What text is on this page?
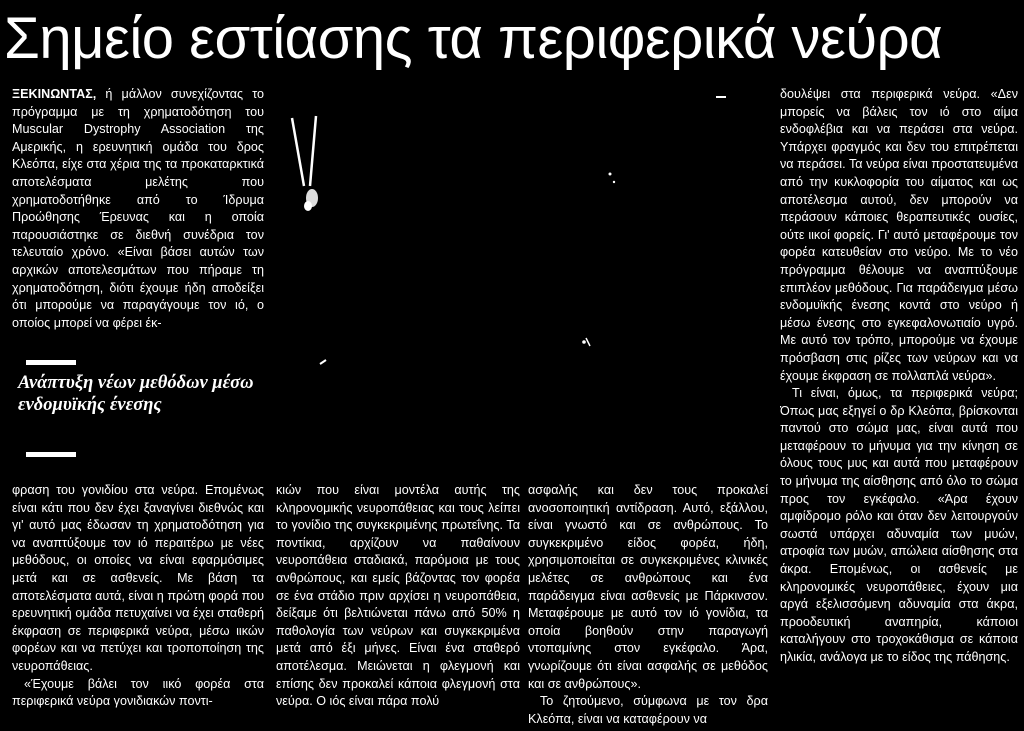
Σημείο εστίασης τα περιφερικά νεύρα

ΞΕΚΙΝΩΝΤΑΣ, ή μάλλον συνεχίζοντας το πρόγραμμα με τη χρηματοδότηση του Muscular Dystrophy Association της Αμερικής, η ερευνητική ομάδα του δρος Κλεόπα, είχε στα χέρια της τα προκαταρκτικά αποτελέσματα μελέτης που χρηματοδοτήθηκε από το Ίδρυμα Προώθησης Έρευνας και η οποία παρουσιάστηκε σε διεθνή συνέδρια τον τελευταίο χρόνο. «Είναι βάσει αυτών των αρχικών αποτελεσμάτων που πήραμε τη χρηματοδότηση, διότι έχουμε ήδη αποδείξει ότι μπορούμε να παραγάγουμε τον ιό, ο οποίος μπορεί να φέρει έκ-

Ανάπτυξη νέων μεθόδων μέσω ενδομυϊκής ένεσης

φραση του γονιδίου στα νεύρα. Επομένως είναι κάτι που δεν έχει ξαναγίνει διεθνώς και γι' αυτό μας έδωσαν τη χρηματοδότηση για να αναπτύξουμε τον ιό περαιτέρω με νέες μεθόδους, οι οποίες να είναι εφαρμόσιμες μετά και σε ασθενείς. Με βάση τα αποτελέσματα αυτά, είναι η πρώτη φορά που ερευνητική ομάδα πετυχαίνει να έχει σταθερή έκφραση σε περιφερικά νεύρα, μέσω ιικών φορέων και να πετύχει και τροποποίηση της νευροπάθειας.

«Έχουμε βάλει τον ιικό φορέα στα περιφερικά νεύρα γονιδιακών ποντι-

κιών που είναι μοντέλα αυτής της κληρονομικής νευροπάθειας και τους λείπει το γονίδιο της συγκεκριμένης πρωτεΐνης. Τα ποντίκια, αρχίζουν να παθαίνουν νευροπάθεια σταδιακά, παρόμοια με τους ανθρώπους, και εμείς βάζοντας τον φορέα σε ένα στάδιο πριν αρχίσει η νευροπάθεια, δείξαμε ότι βελτιώνεται πάνω από 50% η παθολογία των νεύρων και συγκεκριμένα μετά από έξι μήνες. Είναι ένα σταθερό αποτέλεσμα. Μειώνεται η φλεγμονή και επίσης δεν προκαλεί κάποια φλεγμονή στα νεύρα. Ο ιός είναι πάρα πολύ

ασφαλής και δεν τους προκαλεί ανοσοποιητική αντίδραση. Αυτό, εξάλλου, είναι γνωστό και σε ανθρώπους. Το συγκεκριμένο είδος φορέα, ήδη, χρησιμοποιείται σε συγκεκριμένες κλινικές μελέτες σε ανθρώπους και ένα παράδειγμα είναι ασθενείς με Πάρκινσον. Μεταφέρουμε με αυτό τον ιό γονίδια, τα οποία βοηθούν στην παραγωγή ντοπαμίνης στον εγκέφαλο. Άρα, γνωρίζουμε ότι είναι ασφαλής σε μεθόδος και σε ανθρώπους».

Το ζητούμενο, σύμφωνα με τον δρα Κλεόπα, είναι να καταφέρουν να

δουλέψει στα περιφερικά νεύρα. «Δεν μπορείς να βάλεις τον ιό στο αίμα ενδοφλέβια και να περάσει στα νεύρα. Υπάρχει φραγμός και δεν του επιτρέπεται να περάσει. Τα νεύρα είναι προστατευμένα από την κυκλοφορία του αίματος και ως αποτέλεσμα αυτού, δεν μπορούν να περάσουν κάποιες θεραπευτικές ουσίες, ούτε ιικοί φορείς. Γι' αυτό μεταφέρουμε τον φορέα κατευθείαν στο νεύρο. Με το νέο πρόγραμμα θέλουμε να αναπτύξουμε επιπλέον μεθόδους. Για παράδειγμα μέσω ενδομυϊκής ένεσης κοντά στο νεύρο ή μέσω ένεσης στο εγκεφαλονωτιαίο υγρό. Με αυτό τον τρόπο, μπορούμε να έχουμε πρόσβαση στις ρίζες των νεύρων και να έχουμε έκφραση σε πολλαπλά νεύρα».

Τι είναι, όμως, τα περιφερικά νεύρα; Όπως μας εξηγεί ο δρ Κλεόπα, βρίσκονται παντού στο σώμα μας, είναι αυτά που μεταφέρουν το μήνυμα για την κίνηση σε όλους τους μυς και αυτά που μεταφέρουν το μήνυμα της αίσθησης από όλο το σώμα προς τον εγκέφαλο. «Άρα έχουν αμφίδρομο ρόλο και όταν δεν λειτουργούν σωστά υπάρχει αδυναμία των μυών, ατροφία των μυών, απώλεια αίσθησης στα άκρα. Επομένως, οι ασθενείς με κληρονομικές νευροπάθειες, έχουν μια αργά εξελισσόμενη αδυναμία στα άκρα, προοδευτική αναπηρία, κάποιοι καταλήγουν στο τροχοκάθισμα σε κάποια ηλικία, ανάλογα με το είδος της πάθησης.
